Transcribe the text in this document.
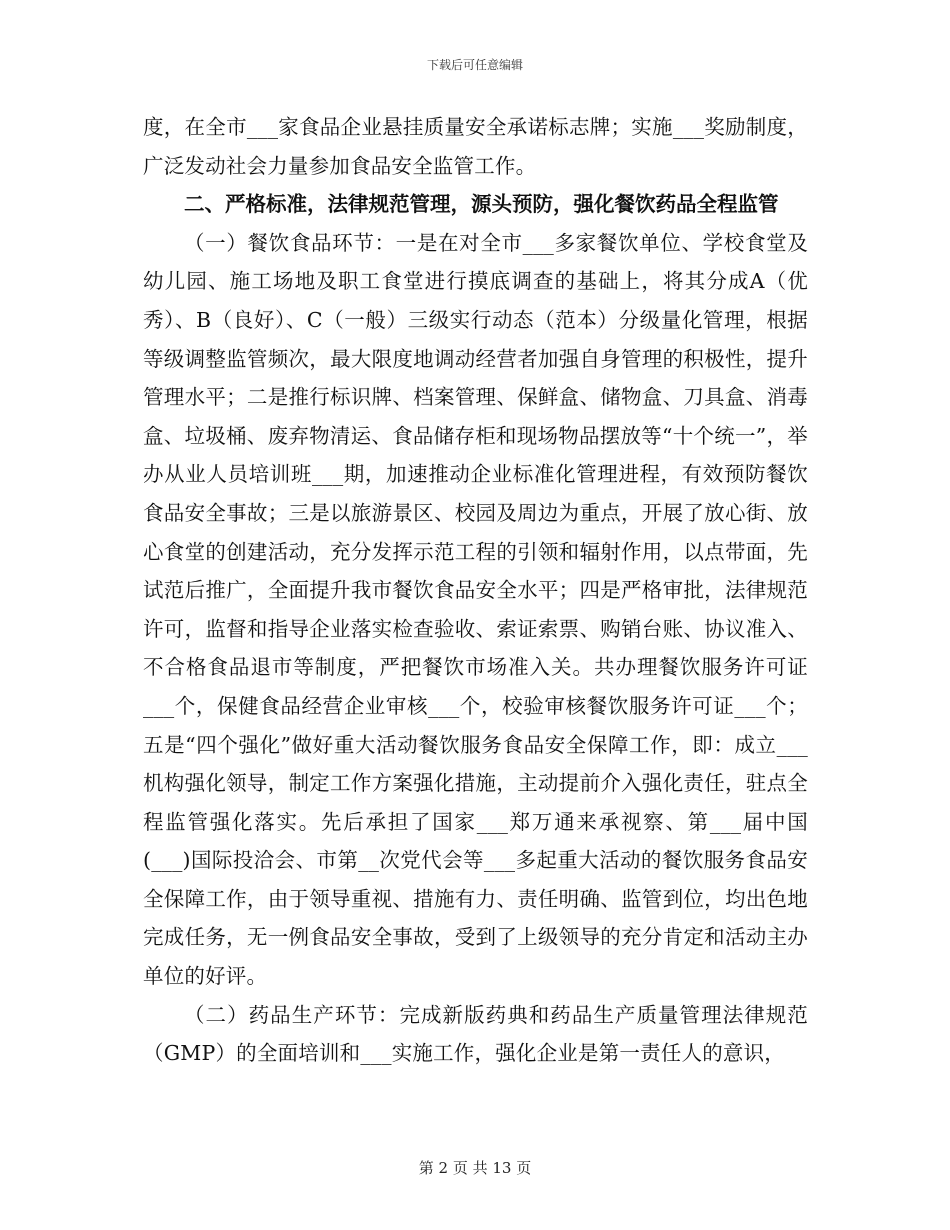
下载后可任意编辑

度，在全市___家食品企业悬挂质量安全承诺标志牌；实施___奖励制度，广泛发动社会力量参加食品安全监管工作。

二、严格标准，法律规范管理，源头预防，强化餐饮药品全程监管

（一）餐饮食品环节：一是在对全市___多家餐饮单位、学校食堂及幼儿园、施工场地及职工食堂进行摸底调查的基础上，将其分成A（优秀）、B（良好）、C（一般）三级实行动态（范本）分级量化管理，根据等级调整监管频次，最大限度地调动经营者加强自身管理的积极性，提升管理水平；二是推行标识牌、档案管理、保鲜盒、储物盒、刀具盒、消毒盒、垃圾桶、废弃物清运、食品储存柜和现场物品摆放等“十个统一”，举办从业人员培训班___期，加速推动企业标准化管理进程，有效预防餐饮食品安全事故；三是以旅游景区、校园及周边为重点，开展了放心街、放心食堂的创建活动，充分发挥示范工程的引领和辐射作用，以点带面，先试范后推广，全面提升我市餐饮食品安全水平；四是严格审批，法律规范许可，监督和指导企业落实检查验收、索证索票、购销台账、协议准入、不合格食品退市等制度，严把餐饮市场准入关。共办理餐饮服务许可证___个，保健食品经营企业审核___个，校验审核餐饮服务许可证___个；五是“四个强化”做好重大活动餐饮服务食品安全保障工作，即：成立___机构强化领导，制定工作方案强化措施，主动提前介入强化责任，驻点全程监管强化落实。先后承担了国家___郑万通来承视察、第___届中国(___)国际投洽会、市第__次党代会等___多起重大活动的餐饮服务食品安全保障工作，由于领导重视、措施有力、责任明确、监管到位，均出色地完成任务，无一例食品安全事故，受到了上级领导的充分肯定和活动主办单位的好评。

（二）药品生产环节：完成新版药典和药品生产质量管理法律规范（GMP）的全面培训和___实施工作，强化企业是第一责任人的意识，

第 2 页 共 13 页
